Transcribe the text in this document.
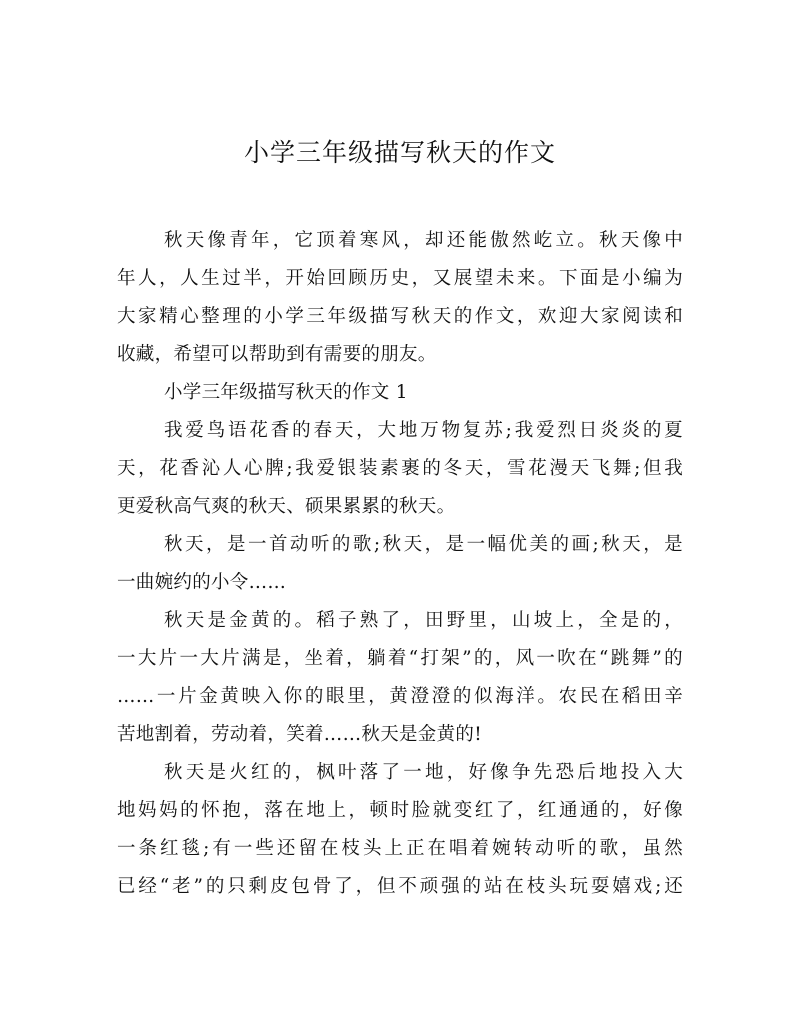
小学三年级描写秋天的作文
秋天像青年，它顶着寒风，却还能傲然屹立。秋天像中
年人，人生过半，开始回顾历史，又展望未来。下面是小编为
大家精心整理的小学三年级描写秋天的作文，欢迎大家阅读和
收藏，希望可以帮助到有需要的朋友。
小学三年级描写秋天的作文 1
我爱鸟语花香的春天，大地万物复苏;我爱烈日炎炎的夏
天，花香沁人心脾;我爱银装素裹的冬天，雪花漫天飞舞;但我
更爱秋高气爽的秋天、硕果累累的秋天。
秋天，是一首动听的歌;秋天，是一幅优美的画;秋天，是
一曲婉约的小令……
秋天是金黄的。稻子熟了，田野里，山坡上，全是的，
一大片一大片满是，坐着，躺着“打架”的，风一吹在“跳舞”的
……一片金黄映入你的眼里，黄澄澄的似海洋。农民在稻田辛
苦地割着，劳动着，笑着……秋天是金黄的!
秋天是火红的，枫叶落了一地，好像争先恐后地投入大
地妈妈的怀抱，落在地上，顿时脸就变红了，红通通的，好像
一条红毯;有一些还留在枝头上正在唱着婉转动听的歌，虽然
已经“老”的只剩皮包骨了，但不顽强的站在枝头玩耍嬉戏;还
